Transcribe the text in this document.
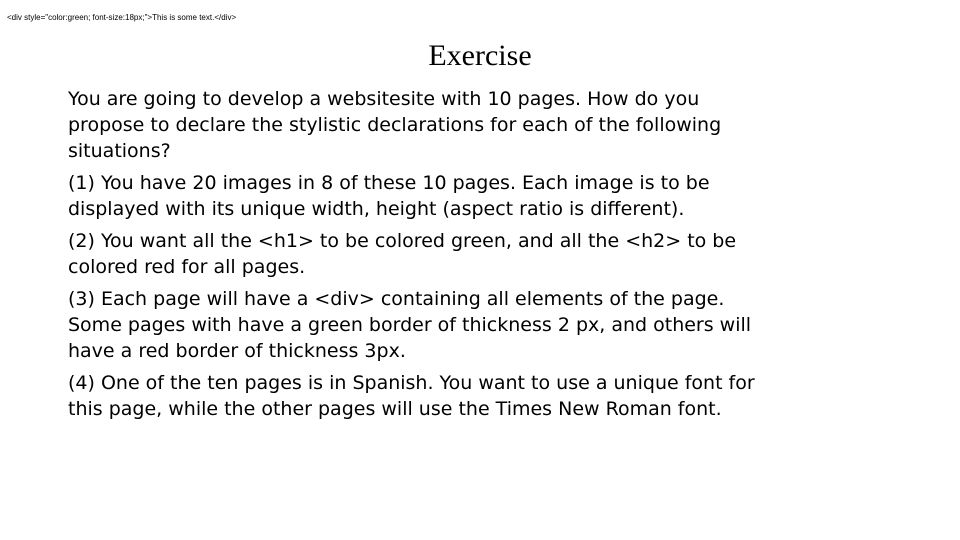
<div style="color:green; font-size:18px;">This is some text.</div>
Exercise

You are going to develop a websitesite with 10 pages. How do you
propose to declare the stylistic declarations for each of the following
situations?

(1) You have 20 images in 8 of these 10 pages. Each image is to be
displayed with its unique width, height (aspect ratio is different).

(2) You want all the <h1> to be colored green, and all the <h2> to be
colored red for all pages.

(3) Each page will have a <div> containing all elements of the page.
Some pages with have a green border of thickness 2 px, and others will
have a red border of thickness 3px.

(4) One of the ten pages is in Spanish. You want to use a unique font for
this page, while the other pages will use the Times New Roman font.
